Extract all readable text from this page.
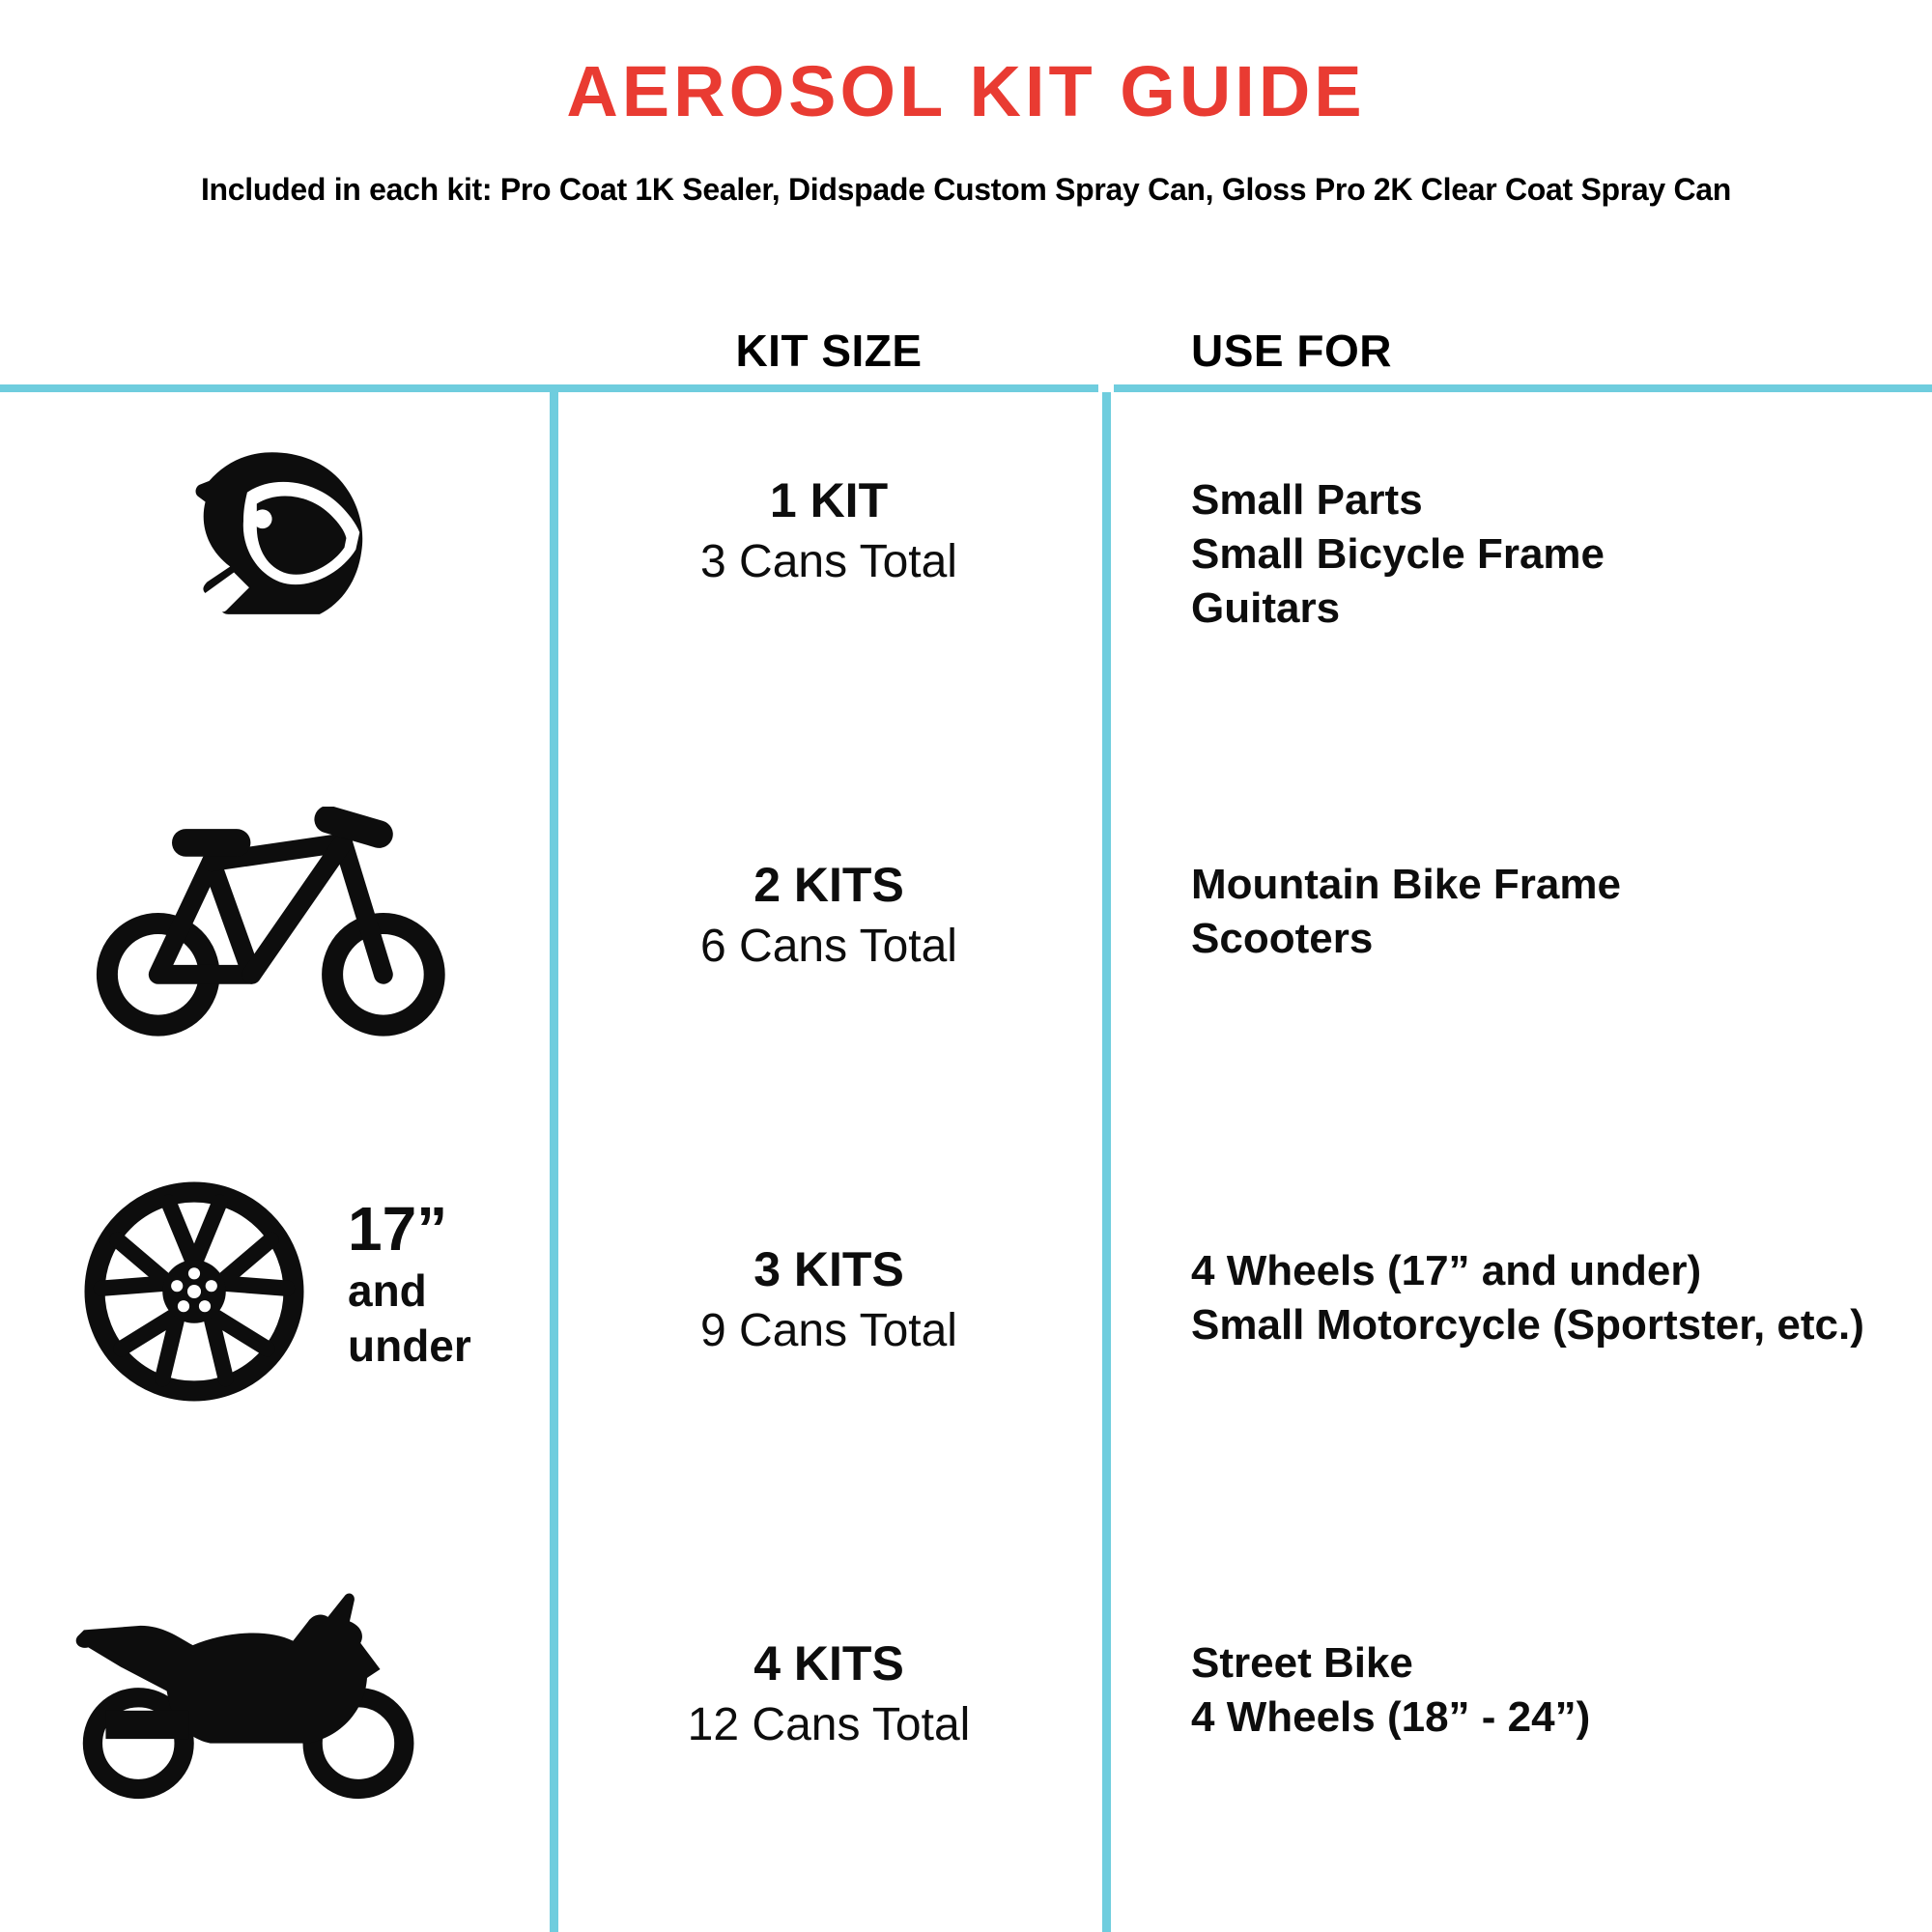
AEROSOL KIT GUIDE
Included in each kit: Pro Coat 1K Sealer, Didspade Custom Spray Can, Gloss Pro 2K Clear Coat Spray Can
KIT SIZE	USE FOR
1 KIT
3 Cans Total
Small Parts
Small Bicycle Frame
Guitars
2 KITS
6 Cans Total
Mountain Bike Frame
Scooters
17”
and
under
3 KITS
9 Cans Total
4 Wheels (17” and under)
Small Motorcycle (Sportster, etc.)
4 KITS
12 Cans Total
Street Bike
4 Wheels (18” - 24”)
